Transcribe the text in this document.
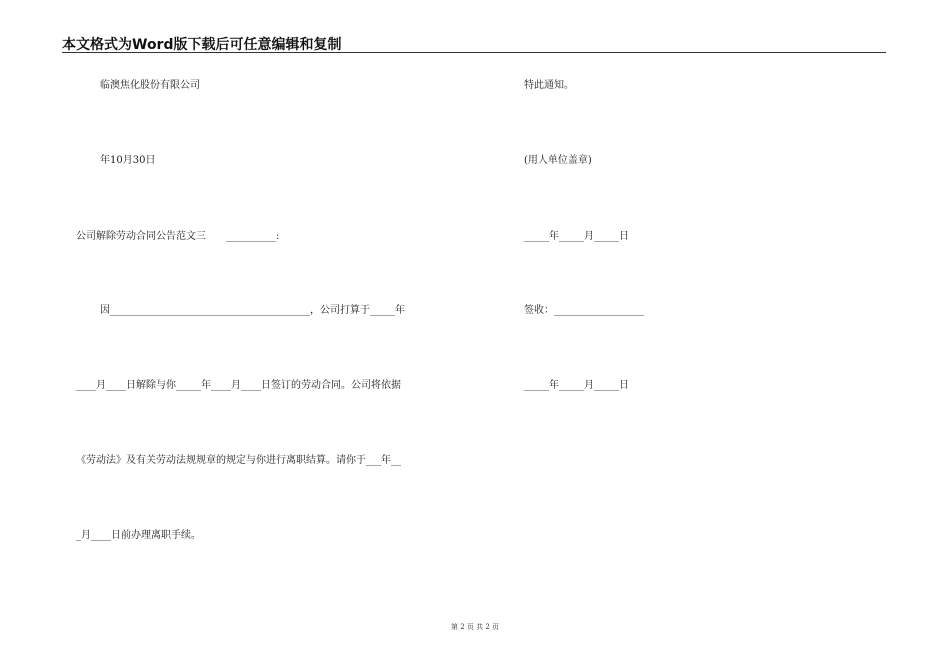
本文格式为Word版下载后可任意编辑和复制
临澳焦化股份有限公司
年10月30日
公司解除劳动合同公告范文三　　__________:
因________________________________________，公司打算于_____年
____月____日解除与你_____年____月____日签订的劳动合同。公司将依据
《劳动法》及有关劳动法规规章的规定与你进行离职结算。请你于___年__
_月____日前办理离职手续。
特此通知。
(用人单位盖章)
_____年_____月_____日
签收：__________________
_____年_____月_____日
第 2 页 共 2 页
